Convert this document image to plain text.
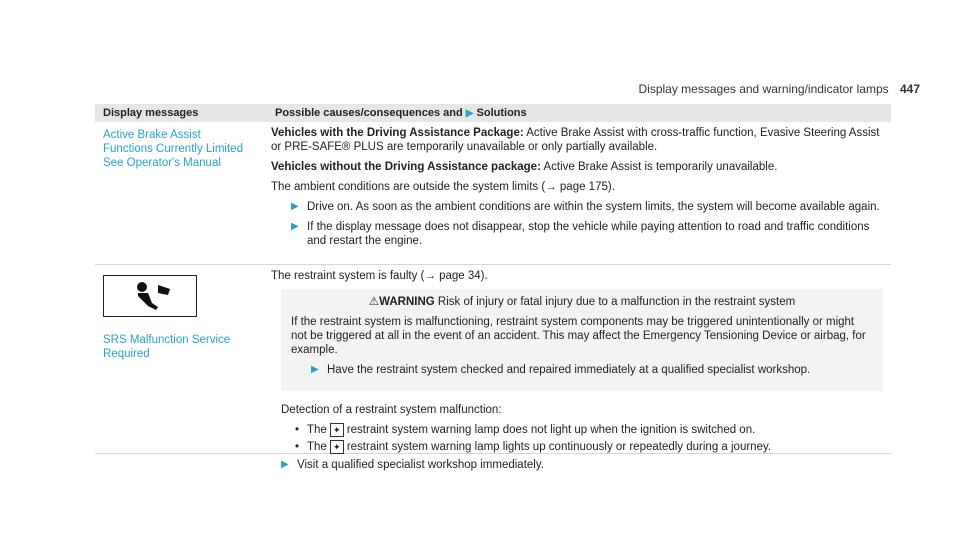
Display messages and warning/indicator lamps 447
Display messages	Possible causes/consequences and ▶ Solutions
Active Brake Assist Functions Currently Limited See Operator's Manual

Vehicles with the Driving Assistance Package: Active Brake Assist with cross-traffic function, Evasive Steering Assist or PRE-SAFE® PLUS are temporarily unavailable or only partially available.

Vehicles without the Driving Assistance package: Active Brake Assist is temporarily unavailable.

The ambient conditions are outside the system limits (→ page 175).

▶ Drive on. As soon as the ambient conditions are within the system limits, the system will become available again.
▶ If the display message does not disappear, stop the vehicle while paying attention to road and traffic conditions and restart the engine.
SRS Malfunction Service Required

The restraint system is faulty (→ page 34).

⚠ WARNING
Risk of injury or fatal injury due to a malfunction in the restraint system

If the restraint system is malfunctioning, restraint system components may be triggered unintentionally or might not be triggered at all in the event of an accident. This may affect the Emergency Tensioning Device or airbag, for example.

▶ Have the restraint system checked and repaired immediately at a qualified specialist workshop.

Detection of a restraint system malfunction:

• The ✦ restraint system warning lamp does not light up when the ignition is switched on.
• The ✦ restraint system warning lamp lights up continuously or repeatedly during a journey.
▶ Visit a qualified specialist workshop immediately.
